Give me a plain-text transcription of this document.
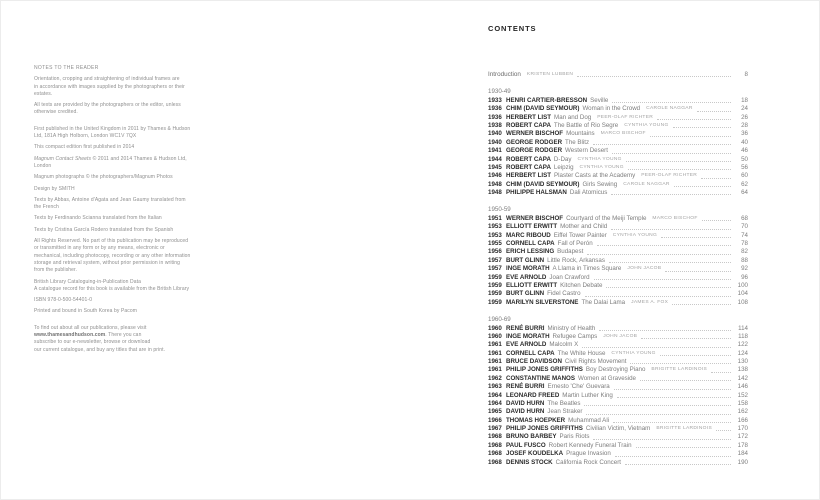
NOTES TO THE READER

Orientation, cropping and straightening of individual frames are
in accordance with images supplied by the photographers or their
estates.

All texts are provided by the photographers or the editor, unless
otherwise credited.

First published in the United Kingdom in 2011 by Thames & Hudson
Ltd, 181A High Holborn, London WC1V 7QX

This compact edition first published in 2014

Magnum Contact Sheets © 2011 and 2014 Thames & Hudson Ltd,
London

Magnum photographs © the photographers/Magnum Photos

Design by SMITH

Texts by Abbas, Antoine d'Agata and Jean Gaumy translated from
the French

Texts by Ferdinando Scianna translated from the Italian

Texts by Cristina García Rodero translated from the Spanish

All Rights Reserved. No part of this publication may be reproduced
or transmitted in any form or by any means, electronic or
mechanical, including photocopy, recording or any other information
storage and retrieval system, without prior permission in writing
from the publisher.

British Library Cataloguing-in-Publication Data
A catalogue record for this book is available from the British Library

ISBN 978-0-500-54401-0

Printed and bound in South Korea by Pacom

To find out about all our publications, please visit
www.thamesandhudson.com. There you can
subscribe to our e-newsletter, browse or download
our current catalogue, and buy any titles that are in print.

CONTENTS
Introduction KRISTEN LUBBEN	8
1930-49
1933 HENRI CARTIER-BRESSON Seville	18
1936 CHIM (DAVID SEYMOUR) Woman in the Crowd CAROLE NAGGAR	24
1936 HERBERT LIST Man and Dog PEER-OLAF RICHTER	26
1938 ROBERT CAPA The Battle of Rio Segre CYNTHIA YOUNG	28
1940 WERNER BISCHOF Mountains MARCO BISCHOF	36
1940 GEORGE RODGER The Blitz	40
1941 GEORGE RODGER Western Desert	46
1944 ROBERT CAPA D-Day CYNTHIA YOUNG	50
1945 ROBERT CAPA Leipzig CYNTHIA YOUNG	56
1946 HERBERT LIST Plaster Casts at the Academy PEER-OLAF RICHTER	60
1948 CHIM (DAVID SEYMOUR) Girls Sewing CAROLE NAGGAR	62
1948 PHILIPPE HALSMAN Dali Atomicus	64
1950-59
1951 WERNER BISCHOF Courtyard of the Meiji Temple MARCO BISCHOF	68
1953 ELLIOTT ERWITT Mother and Child	70
1953 MARC RIBOUD Eiffel Tower Painter CYNTHIA YOUNG	74
1955 CORNELL CAPA Fall of Perón	78
1956 ERICH LESSING Budapest	82
1957 BURT GLINN Little Rock, Arkansas	88
1957 INGE MORATH A Llama in Times Square JOHN JACOB	92
1959 EVE ARNOLD Joan Crawford	96
1959 ELLIOTT ERWITT Kitchen Debate	100
1959 BURT GLINN Fidel Castro	104
1959 MARILYN SILVERSTONE The Dalai Lama JAMES A. FOX	108
1960-69
1960 RENÉ BURRI Ministry of Health	114
1960 INGE MORATH Refugee Camps JOHN JACOB	118
1961 EVE ARNOLD Malcolm X	122
1961 CORNELL CAPA The White House CYNTHIA YOUNG	124
1961 BRUCE DAVIDSON Civil Rights Movement	130
1961 PHILIP JONES GRIFFITHS Boy Destroying Piano BRIGITTE LARDINOIS	138
1962 CONSTANTINE MANOS Women at Graveside	142
1963 RENÉ BURRI Ernesto 'Che' Guevara	146
1964 LEONARD FREED Martin Luther King	152
1964 DAVID HURN The Beatles	158
1965 DAVID HURN Jean Straker	162
1966 THOMAS HOEPKER Muhammad Ali	166
1967 PHILIP JONES GRIFFITHS Civilian Victim, Vietnam BRIGITTE LARDINOIS	170
1968 BRUNO BARBEY Paris Riots	172
1968 PAUL FUSCO Robert Kennedy Funeral Train	178
1968 JOSEF KOUDELKA Prague Invasion	184
1968 DENNIS STOCK California Rock Concert	190
